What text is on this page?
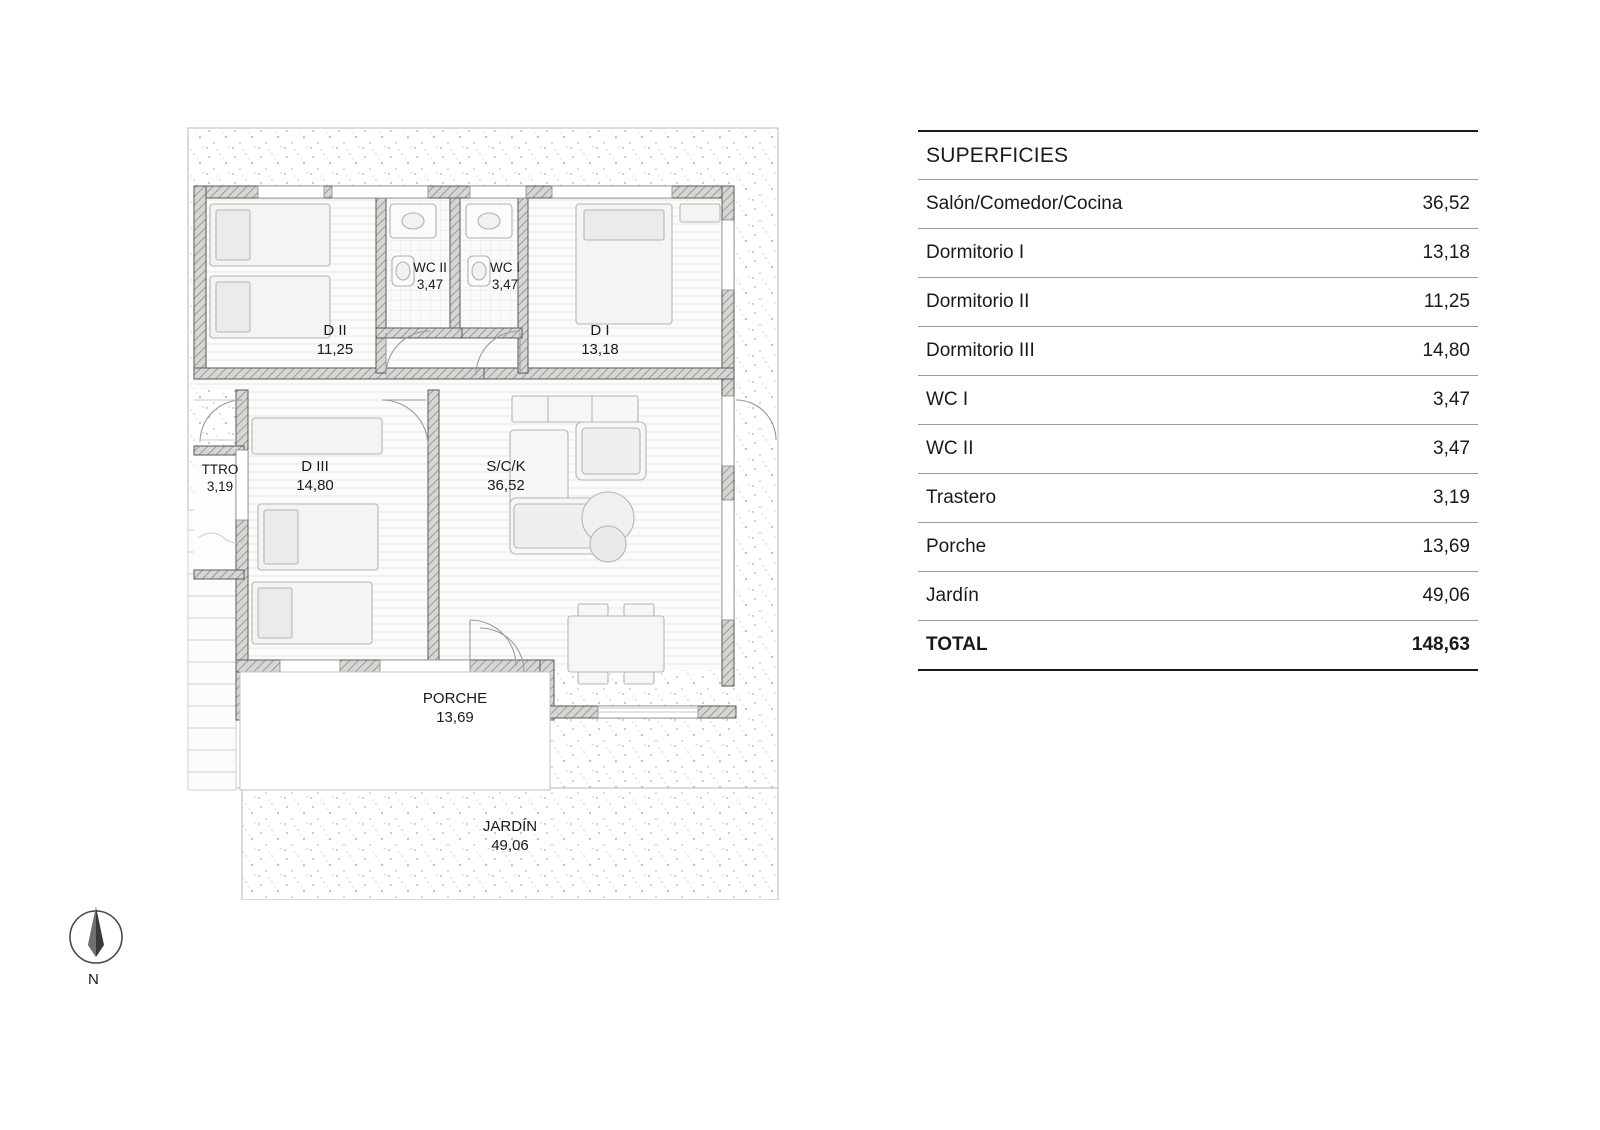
WC II
3,47
WC I
3,47
D II
11,25
D I
13,18
TTRO
3,19
D III
14,80
S/C/K
36,52
PORCHE
13,69
JARDÍN
49,06
N
SUPERFICIES	
Salón/Comedor/Cocina	36,52
Dormitorio I	13,18
Dormitorio II	11,25
Dormitorio III	14,80
WC I	3,47
WC II	3,47
Trastero	3,19
Porche	13,69
Jardín	49,06
TOTAL	148,63
